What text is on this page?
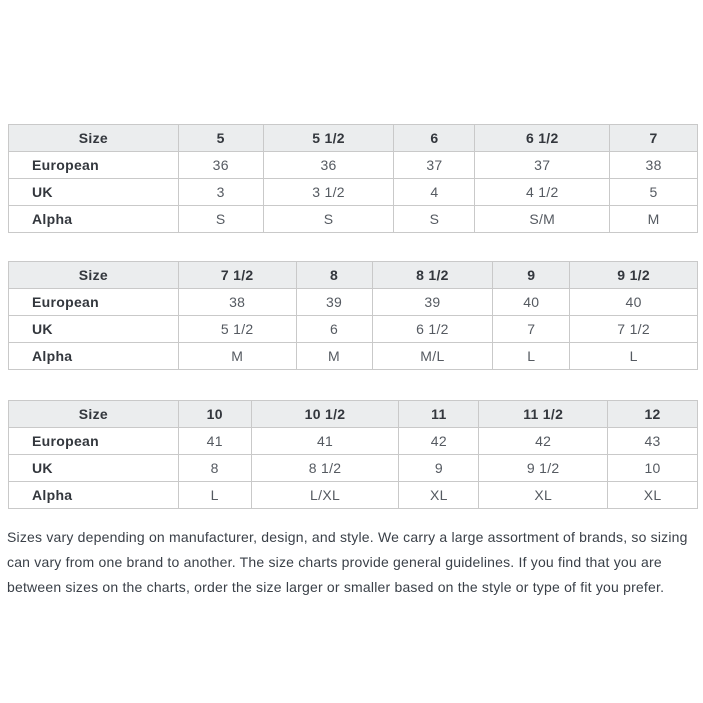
Size	5	5 1/2	6	6 1/2	7
European	36	36	37	37	38
UK	3	3 1/2	4	4 1/2	5
Alpha	S	S	S	S/M	M
Size	7 1/2	8	8 1/2	9	9 1/2
European	38	39	39	40	40
UK	5 1/2	6	6 1/2	7	7 1/2
Alpha	M	M	M/L	L	L
Size	10	10 1/2	11	11 1/2	12
European	41	41	42	42	43
UK	8	8 1/2	9	9 1/2	10
Alpha	L	L/XL	XL	XL	XL

Sizes vary depending on manufacturer, design, and style. We carry a large assortment of brands, so sizing can vary from one brand to another. The size charts provide general guidelines. If you find that you are between sizes on the charts, order the size larger or smaller based on the style or type of fit you prefer.
